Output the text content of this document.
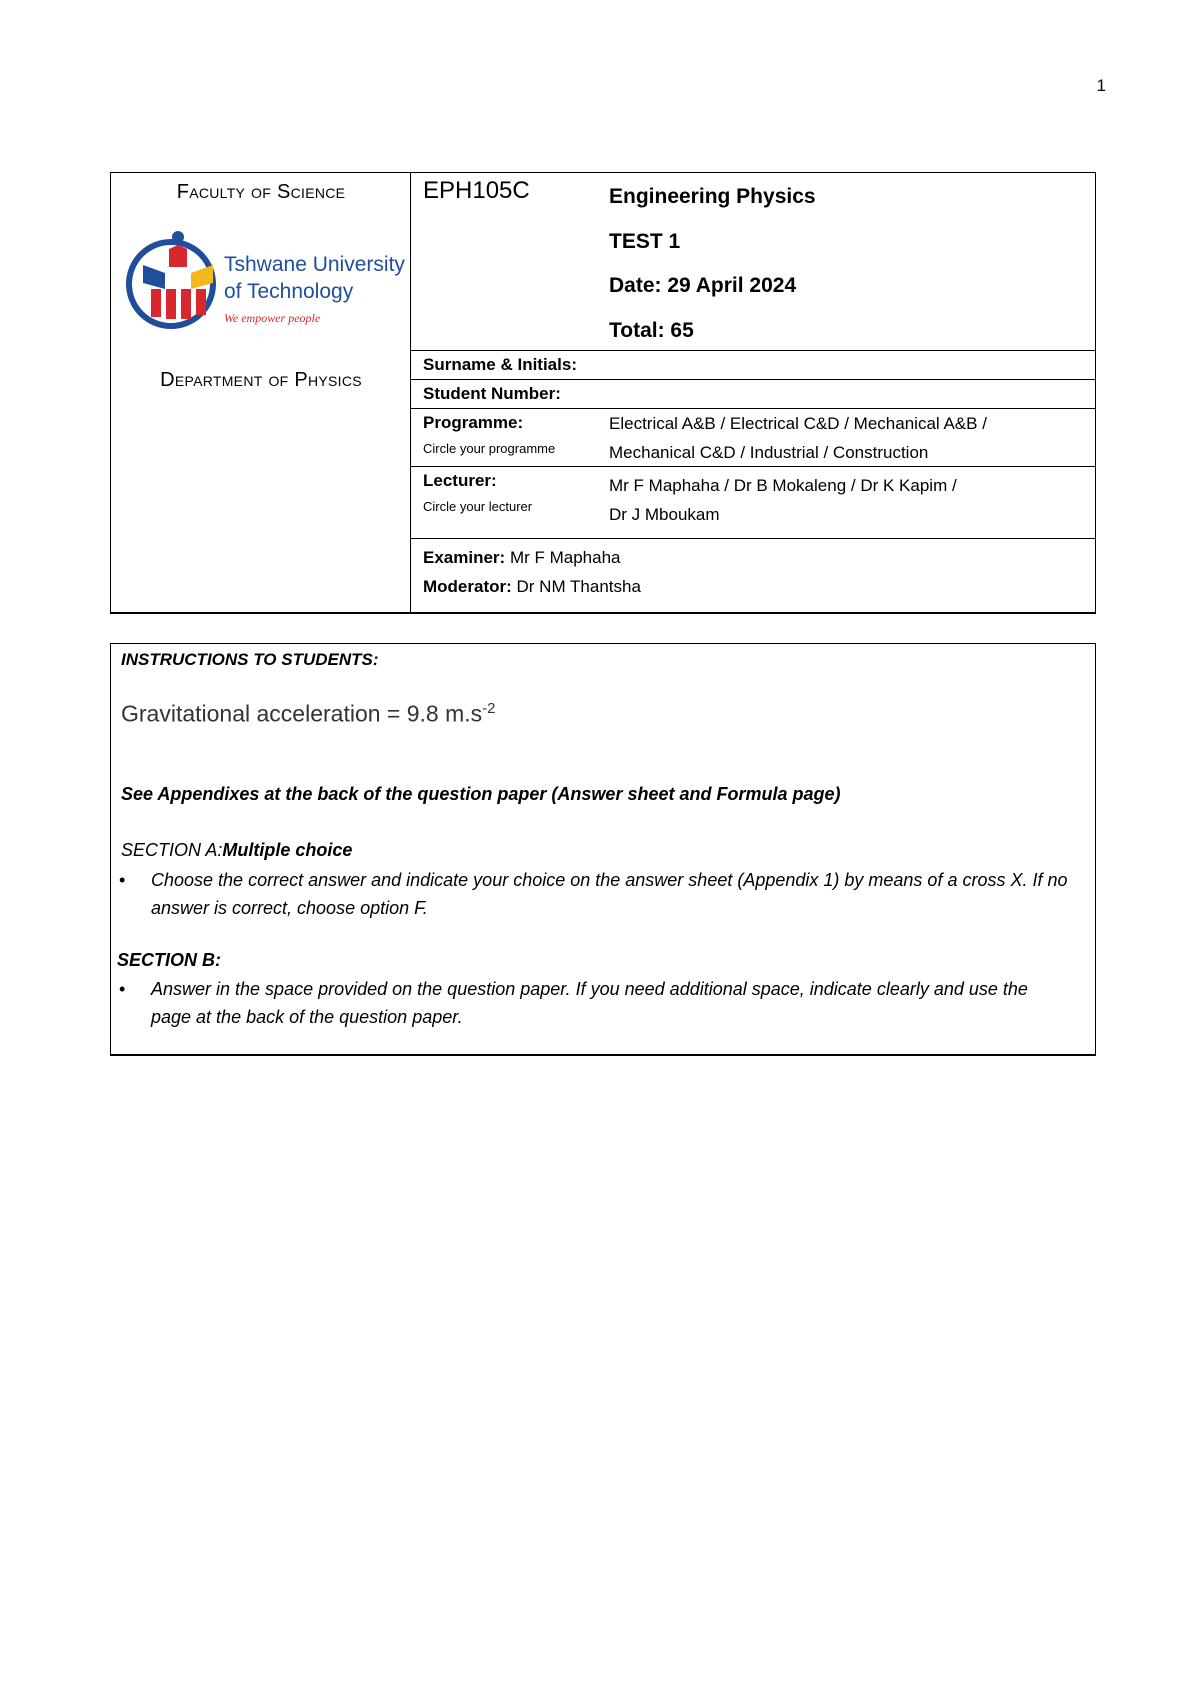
1
Faculty of Science
Tshwane University
of Technology
We empower people
Department of Physics
EPH105C	Engineering Physics
TEST 1
Date: 29 April 2024
Total: 65
Surname & Initials:
Student Number:
Programme:
Circle your programme
Electrical A&B / Electrical C&D / Mechanical A&B /
Mechanical C&D / Industrial / Construction
Lecturer:
Circle your lecturer
Mr F Maphaha / Dr B Mokaleng / Dr K Kapim /
Dr J Mboukam
Examiner: Mr F Maphaha
Moderator: Dr NM Thantsha
INSTRUCTIONS TO STUDENTS:
Gravitational acceleration = 9.8 $m.s^{-2}$
See Appendixes at the back of the question paper (Answer sheet and Formula page)
SECTION A:Multiple choice
• Choose the correct answer and indicate your choice on the answer sheet (Appendix 1) by means of a cross X. If no answer is correct, choose option F.
SECTION B:
• Answer in the space provided on the question paper. If you need additional space, indicate clearly and use the page at the back of the question paper.
